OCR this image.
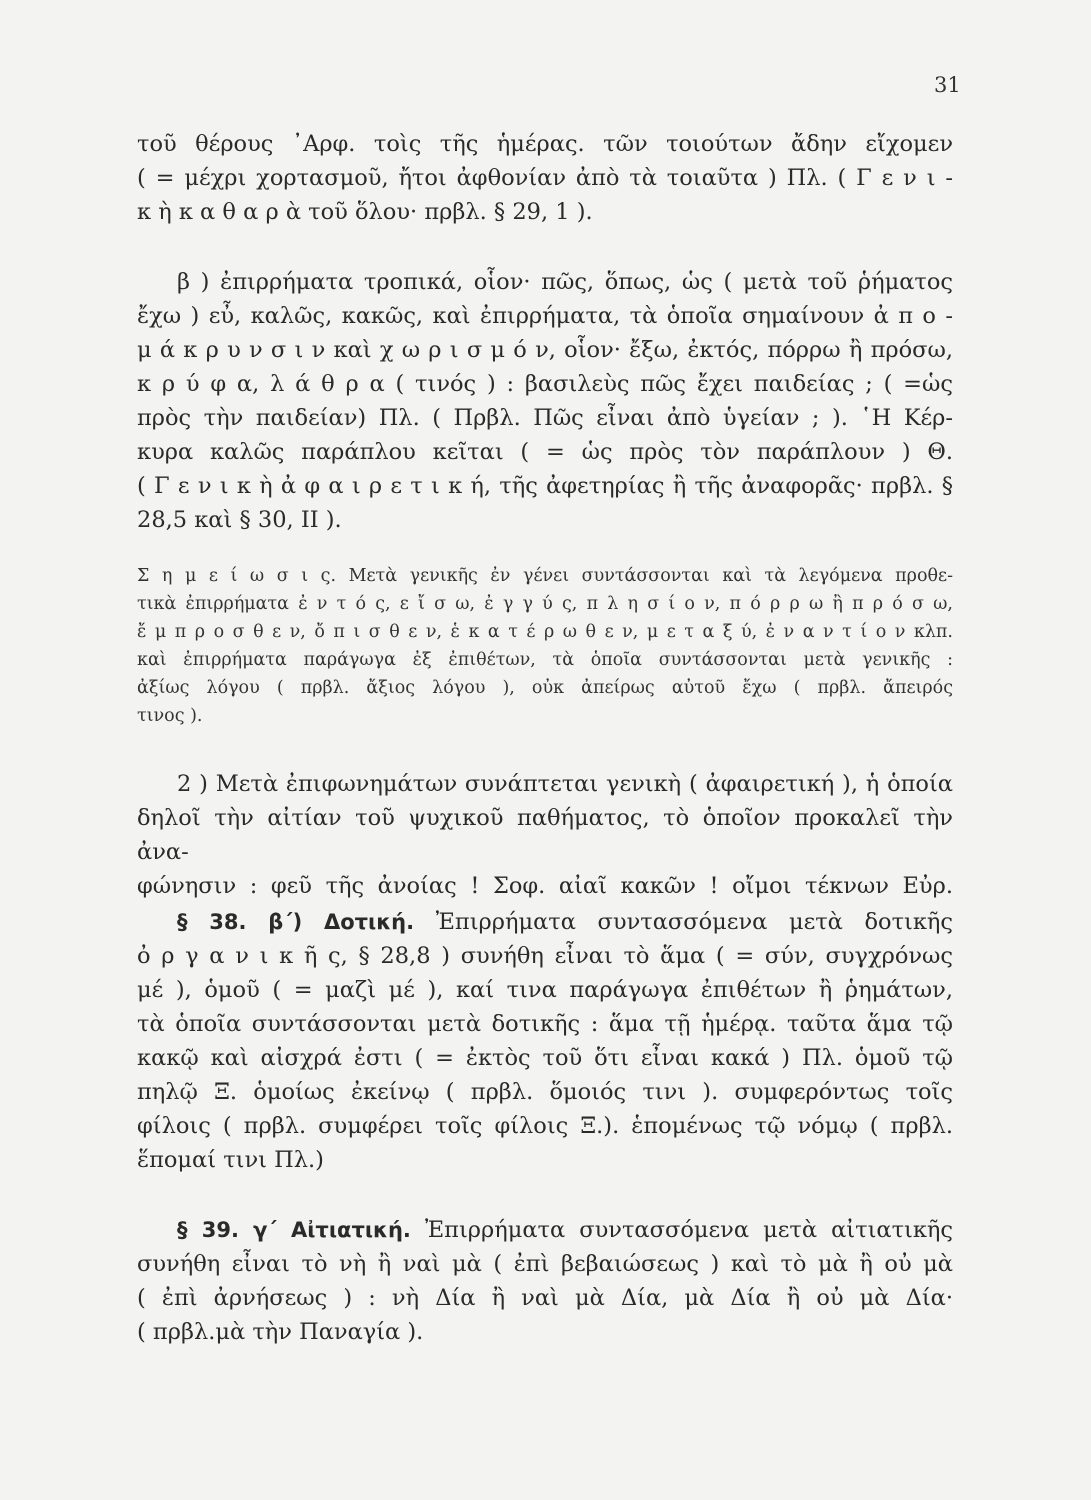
31
τοῦ θέρους ᾿Αρφ. τοὶς τῆς ἡμέρας. τῶν τοιούτων ἄδην εἴχομεν
( = μέχρι χορτασμοῦ, ἤτοι ἀφθονίαν ἀπὸ τὰ τοιαῦτα ) Πλ. ( Γ ε ν ι -
κ ὴ κ α θ α ρ ὰ τοῦ ὅλου· πρβλ. § 29, 1 ).
β ) ἐπιρρήματα τροπικά, οἷον· πῶς, ὅπως, ὡς ( μετὰ τοῦ ῥήματος
ἔχω ) εὖ, καλῶς, κακῶς, καὶ ἐπιρρήματα, τὰ ὁποῖα σημαίνουν ἀ π ο -
μ ά κ ρ υ ν σ ι ν καὶ χ ω ρ ι σ μ ό ν, οἷον· ἔξω, ἐκτός, πόρρω ἢ πρόσω,
κ ρ ύ φ α, λ ά θ ρ α ( τινός ) : βασιλεὺς πῶς ἔχει παιδείας ; ( =ὡς
πρὸς τὴν παιδείαν) Πλ. ( Πρβλ. Πῶς εἶναι ἀπὸ ὑγείαν ; ). ῾Η Κέρ-
κυρα καλῶς παράπλου κεῖται ( = ὡς πρὸς τὸν παράπλουν ) Θ.
( Γ ε ν ι κ ὴ ἀ φ α ι ρ ε τ ι κ ή, τῆς ἀφετηρίας ἢ τῆς ἀναφορᾶς· πρβλ. §
28,5 καὶ § 30, II ).
Σ η μ ε ί ω σ ι ς. Μετὰ γενικῆς ἐν γένει συντάσσονται καὶ τὰ λεγόμενα προθε-
τικὰ ἐπιρρήματα ἐ ν τ ό ς, ε ἴ σ ω, ἐ γ γ ύ ς, π λ η σ ί ο ν, π ό ρ ρ ω ἢ π ρ ό σ ω,
ἔ μ π ρ ο σ θ ε ν, ὄ π ι σ θ ε ν, ἑ κ α τ έ ρ ω θ ε ν, μ ε τ α ξ ύ, ἐ ν α ν τ ί ο ν κλπ.
καὶ ἐπιρρήματα παράγωγα ἐξ ἐπιθέτων, τὰ ὁποῖα συντάσσονται μετὰ γενικῆς :
ἀξίως λόγου ( πρβλ. ἄξιος λόγου ), οὐκ ἀπείρως αὐτοῦ ἔχω ( πρβλ. ἄπειρός
τινος ).
2 ) Μετὰ ἐπιφωνημάτων συνάπτεται γενικὴ ( ἀφαιρετική ), ἡ ὁποία
δηλοῖ τὴν αἰτίαν τοῦ ψυχικοῦ παθήματος, τὸ ὁποῖον προκαλεῖ τὴν ἀνα-
φώνησιν : φεῦ τῆς ἀνοίας ! Σοφ. αἰαῖ κακῶν ! οἴμοι τέκνων Εὐρ.
§ 38. β΄) Δοτική. Ἐπιρρήματα συντασσόμενα μετὰ δοτικῆς
ὀ ρ γ α ν ι κ ῆ ς, § 28,8 ) συνήθη εἶναι τὸ ἅμα ( = σύν, συγχρόνως
μέ ), ὁμοῦ ( = μαζὶ μέ ), καί τινα παράγωγα ἐπιθέτων ἢ ῥημάτων,
τὰ ὁποῖα συντάσσονται μετὰ δοτικῆς : ἅμα τῇ ἡμέρᾳ. ταῦτα ἅμα τῷ
κακῷ καὶ αἰσχρά ἐστι ( = ἐκτὸς τοῦ ὅτι εἶναι κακά ) Πλ. ὁμοῦ τῷ
πηλῷ Ξ. ὁμοίως ἐκείνῳ ( πρβλ. ὅμοιός τινι ). συμφερόντως τοῖς
φίλοις ( πρβλ. συμφέρει τοῖς φίλοις Ξ.). ἑπομένως τῷ νόμῳ ( πρβλ.
ἕπομαί τινι Πλ.)
§ 39. γ΄ Αἰτιατική. Ἐπιρρήματα συντασσόμενα μετὰ αἰτιατικῆς
συνήθη εἶναι τὸ νὴ ἢ ναὶ μὰ ( ἐπὶ βεβαιώσεως ) καὶ τὸ μὰ ἢ οὐ μὰ
( ἐπὶ ἀρνήσεως ) : νὴ Δία ἢ ναὶ μὰ Δία, μὰ Δία ἢ οὐ μὰ Δία·
( πρβλ.μὰ τὴν Παναγία ).
